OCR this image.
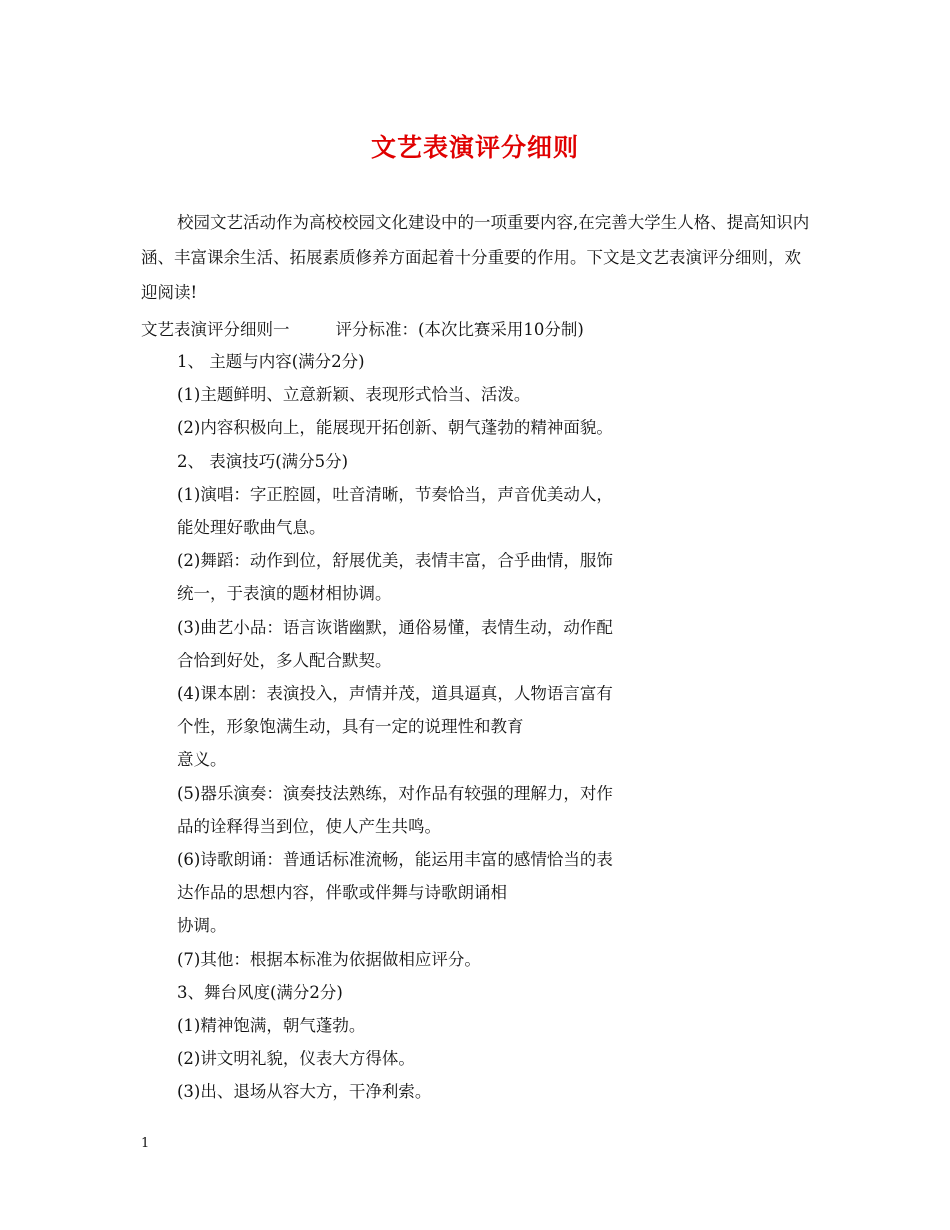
文艺表演评分细则
校园文艺活动作为高校校园文化建设中的一项重要内容,在完善大学生人格、提高知识内涵、丰富课余生活、拓展素质修养方面起着十分重要的作用。下文是文艺表演评分细则，欢迎阅读!
文艺表演评分细则一	评分标准：(本次比赛采用10分制)
1、 主题与内容(满分2分)
(1)主题鲜明、立意新颖、表现形式恰当、活泼。
(2)内容积极向上，能展现开拓创新、朝气蓬勃的精神面貌。
2、 表演技巧(满分5分)
(1)演唱：字正腔圆，吐音清晰，节奏恰当，声音优美动人，
能处理好歌曲气息。
(2)舞蹈：动作到位，舒展优美，表情丰富，合乎曲情，服饰
统一，于表演的题材相协调。
(3)曲艺小品：语言诙谐幽默，通俗易懂，表情生动，动作配
合恰到好处，多人配合默契。
(4)课本剧：表演投入，声情并茂，道具逼真，人物语言富有
个性，形象饱满生动，具有一定的说理性和教育
意义。
(5)器乐演奏：演奏技法熟练，对作品有较强的理解力，对作
品的诠释得当到位，使人产生共鸣。
(6)诗歌朗诵：普通话标准流畅，能运用丰富的感情恰当的表
达作品的思想内容，伴歌或伴舞与诗歌朗诵相
协调。
(7)其他：根据本标准为依据做相应评分。
3、舞台风度(满分2分)
(1)精神饱满，朝气蓬勃。
(2)讲文明礼貌，仪表大方得体。
(3)出、退场从容大方，干净利索。
1
